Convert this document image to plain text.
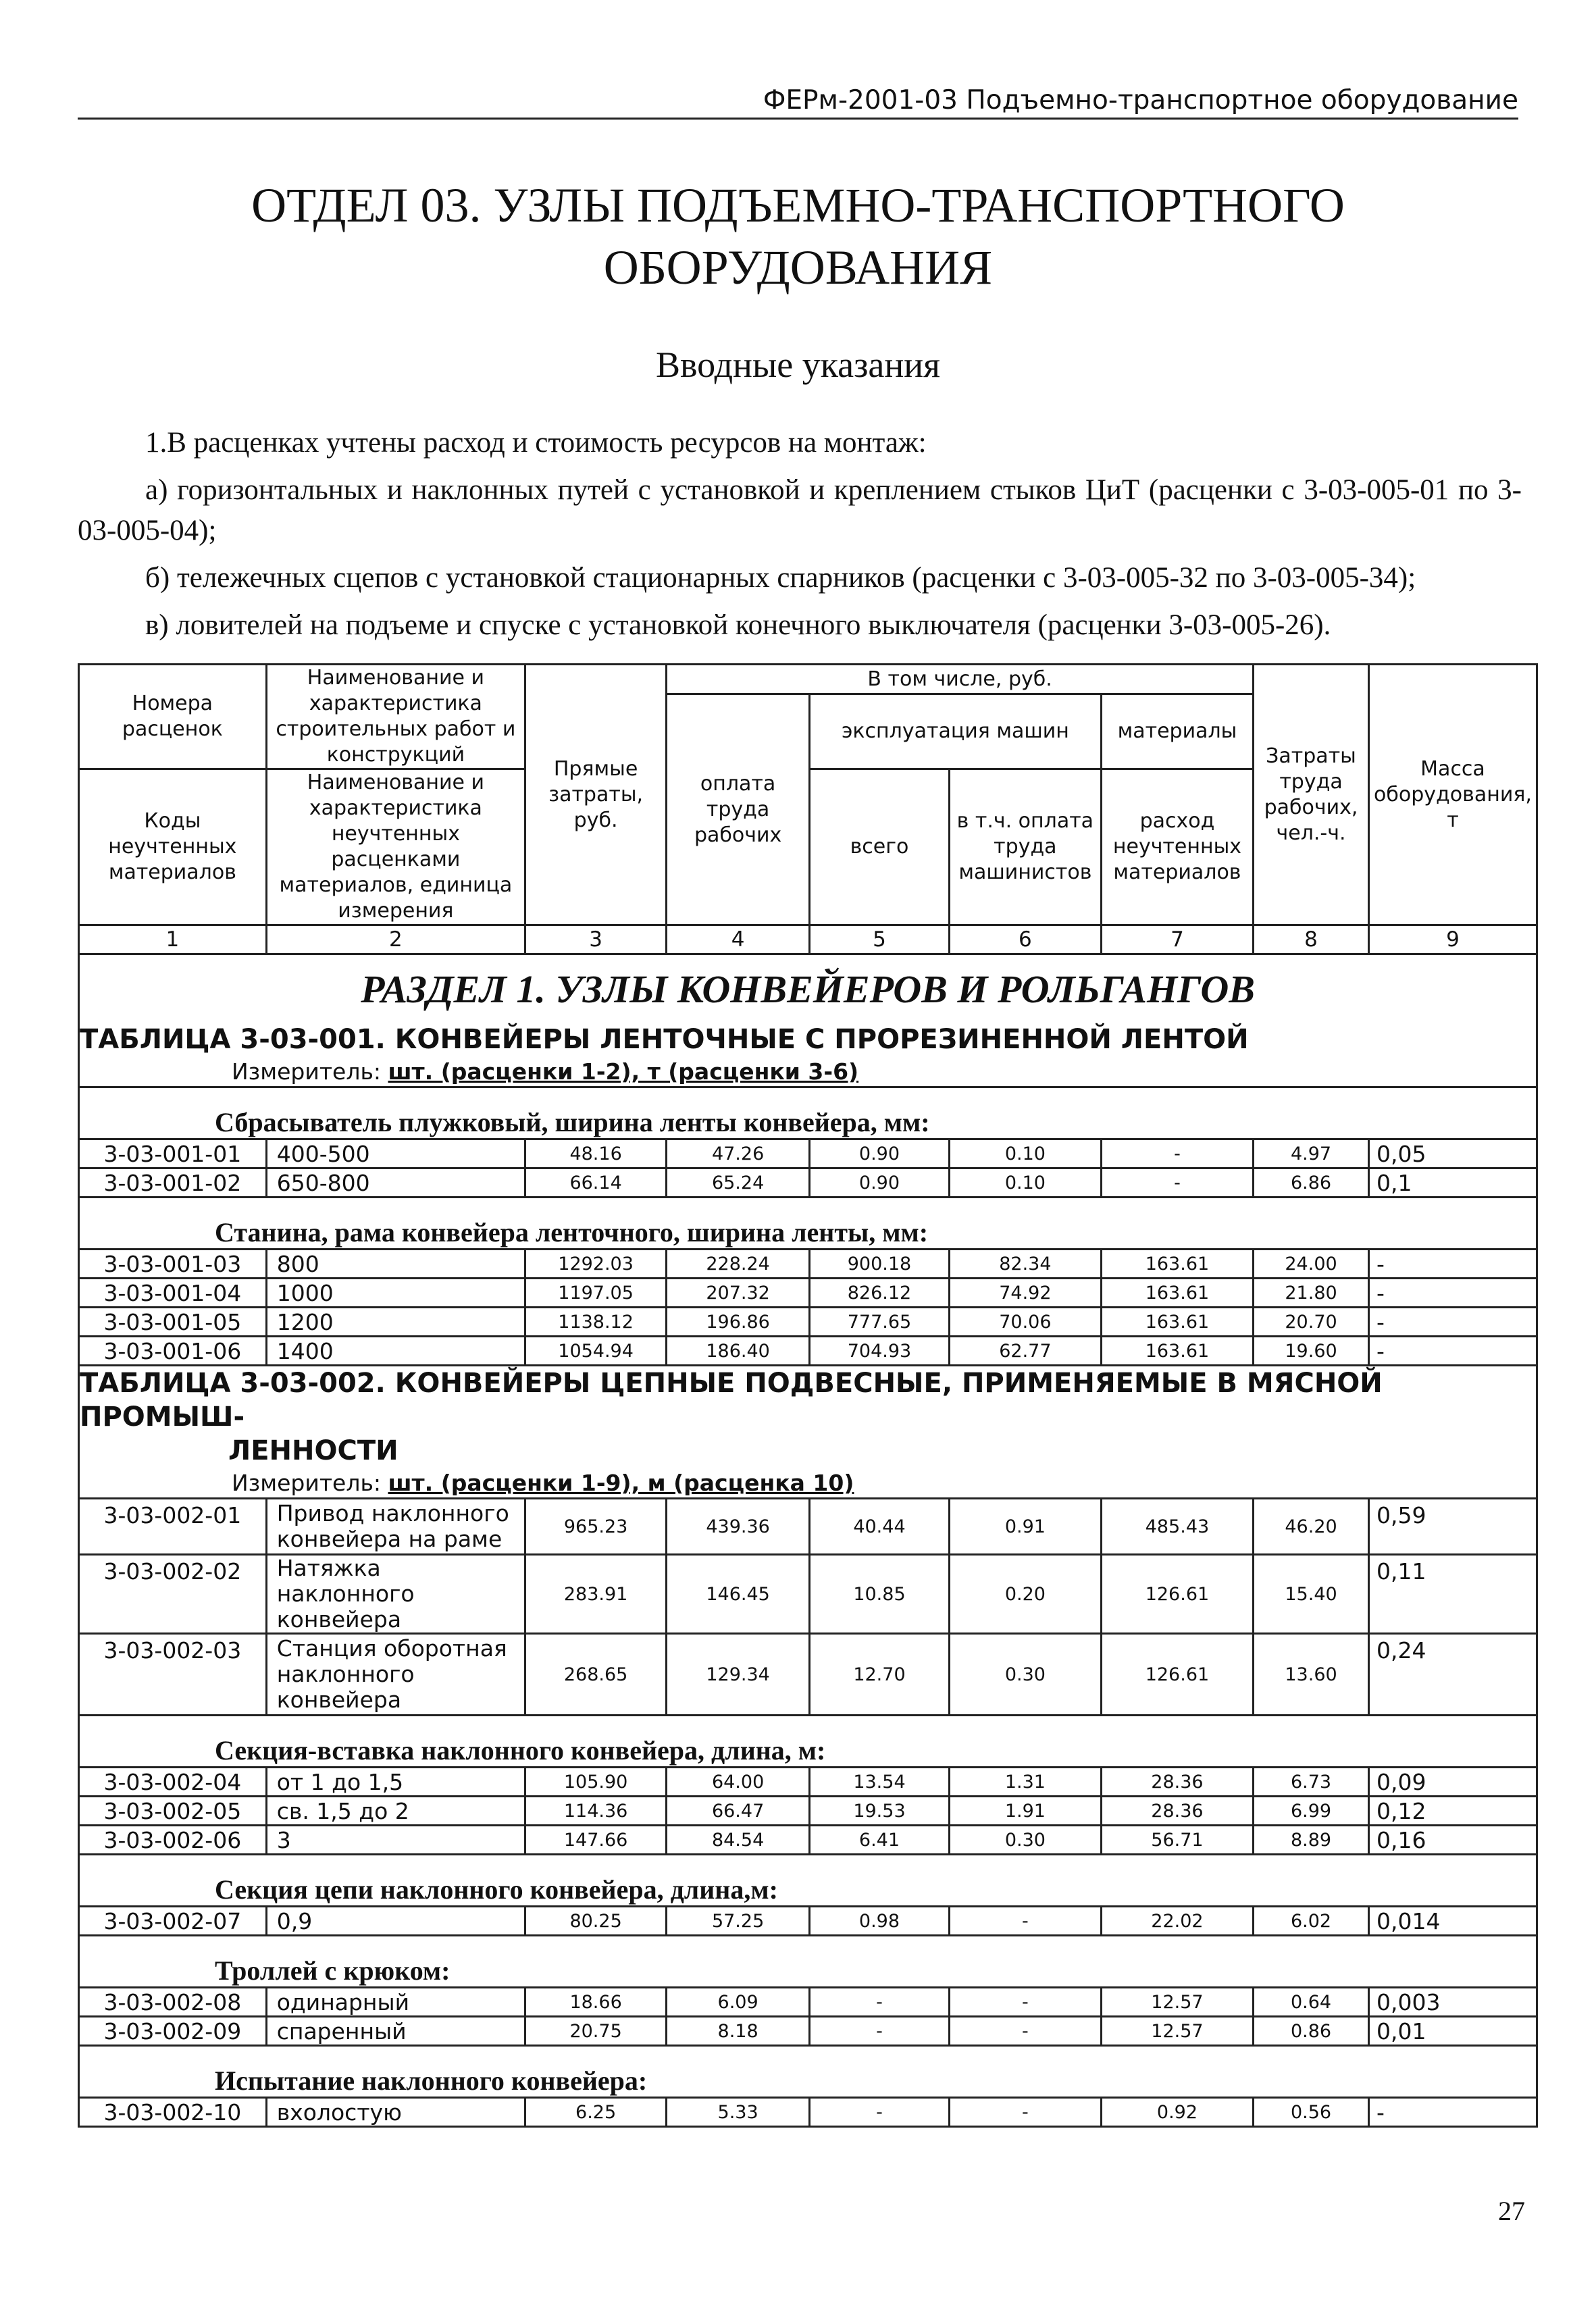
ФЕРм-2001-03 Подъемно-транспортное оборудование
ОТДЕЛ 03. УЗЛЫ ПОДЪЕМНО-ТРАНСПОРТНОГО
ОБОРУДОВАНИЯ
Вводные указания

1.В расценках учтены расход и стоимость ресурсов на монтаж:

а) горизонтальных и наклонных путей с установкой и креплением стыков ЦиТ (расценки с 3-03-005-01 по 3-03-005-04);

б) тележечных сцепов с установкой стационарных спарников (расценки с 3-03-005-32 по 3-03-005-34);

в) ловителей на подъеме и спуске с установкой конечного выключателя (расценки 3-03-005-26).

Номера расценок	Наименование и характеристика строительных работ и конструкций	Прямые затраты, руб.	В том числе, руб.				Затраты труда рабочих, чел.-ч.	Масса оборудования, т
			оплата труда рабочих	эксплуатация машин		материалы		
Коды неучтенных материалов	Наименование и характеристика неучтенных расценками материалов, единица измерения			всего	в т.ч. оплата труда машинистов	расход неучтенных материалов		

1	2	3	4	5	6	7	8	9
РАЗДЕЛ 1. УЗЛЫ КОНВЕЙЕРОВ И РОЛЬГАНГОВ								
ТАБЛИЦА 3-03-001. КОНВЕЙЕРЫ ЛЕНТОЧНЫЕ С ПРОРЕЗИНЕННОЙ ЛЕНТОЙ								
Измеритель: шт. (расценки 1-2), т (расценки 3-6)								
Сбрасыватель плужковый, ширина ленты конвейера, мм:								
3-03-001-01	400-500	48.16	47.26	0.90	0.10	-	4.97	0,05
3-03-001-02	650-800	66.14	65.24	0.90	0.10	-	6.86	0,1
Станина, рама конвейера ленточного, ширина ленты, мм:								
3-03-001-03	800	1292.03	228.24	900.18	82.34	163.61	24.00	-
3-03-001-04	1000	1197.05	207.32	826.12	74.92	163.61	21.80	-
3-03-001-05	1200	1138.12	196.86	777.65	70.06	163.61	20.70	-
3-03-001-06	1400	1054.94	186.40	704.93	62.77	163.61	19.60	-
ТАБЛИЦА 3-03-002. КОНВЕЙЕРЫ ЦЕПНЫЕ ПОДВЕСНЫЕ, ПРИМЕНЯЕМЫЕ В МЯСНОЙ ПРОМЫШ-
ЛЕННОСТИ								

Измеритель: шт. (расценки 1-9), м (расценка 10)								
3-03-002-01	Привод наклонного конвейера на раме	965.23	439.36	40.44	0.91	485.43	46.20	0,59
3-03-002-02	Натяжка наклонного конвейера	283.91	146.45	10.85	0.20	126.61	15.40	0,11
3-03-002-03	Станция оборотная наклонного конвейера	268.65	129.34	12.70	0.30	126.61	13.60	0,24
Секция-вставка наклонного конвейера, длина, м:								
3-03-002-04	от 1 до 1,5	105.90	64.00	13.54	1.31	28.36	6.73	0,09
3-03-002-05	св. 1,5 до 2	114.36	66.47	19.53	1.91	28.36	6.99	0,12
3-03-002-06	3	147.66	84.54	6.41	0.30	56.71	8.89	0,16
Секция цепи наклонного конвейера, длина,м:								
3-03-002-07	0,9	80.25	57.25	0.98	-	22.02	6.02	0,014
Троллей с крюком:								
3-03-002-08	одинарный	18.66	6.09	-	-	12.57	0.64	0,003
3-03-002-09	спаренный	20.75	8.18	-	-	12.57	0.86	0,01
Испытание наклонного конвейера:								
3-03-002-10	вхолостую	6.25	5.33	-	-	0.92	0.56	-
27
